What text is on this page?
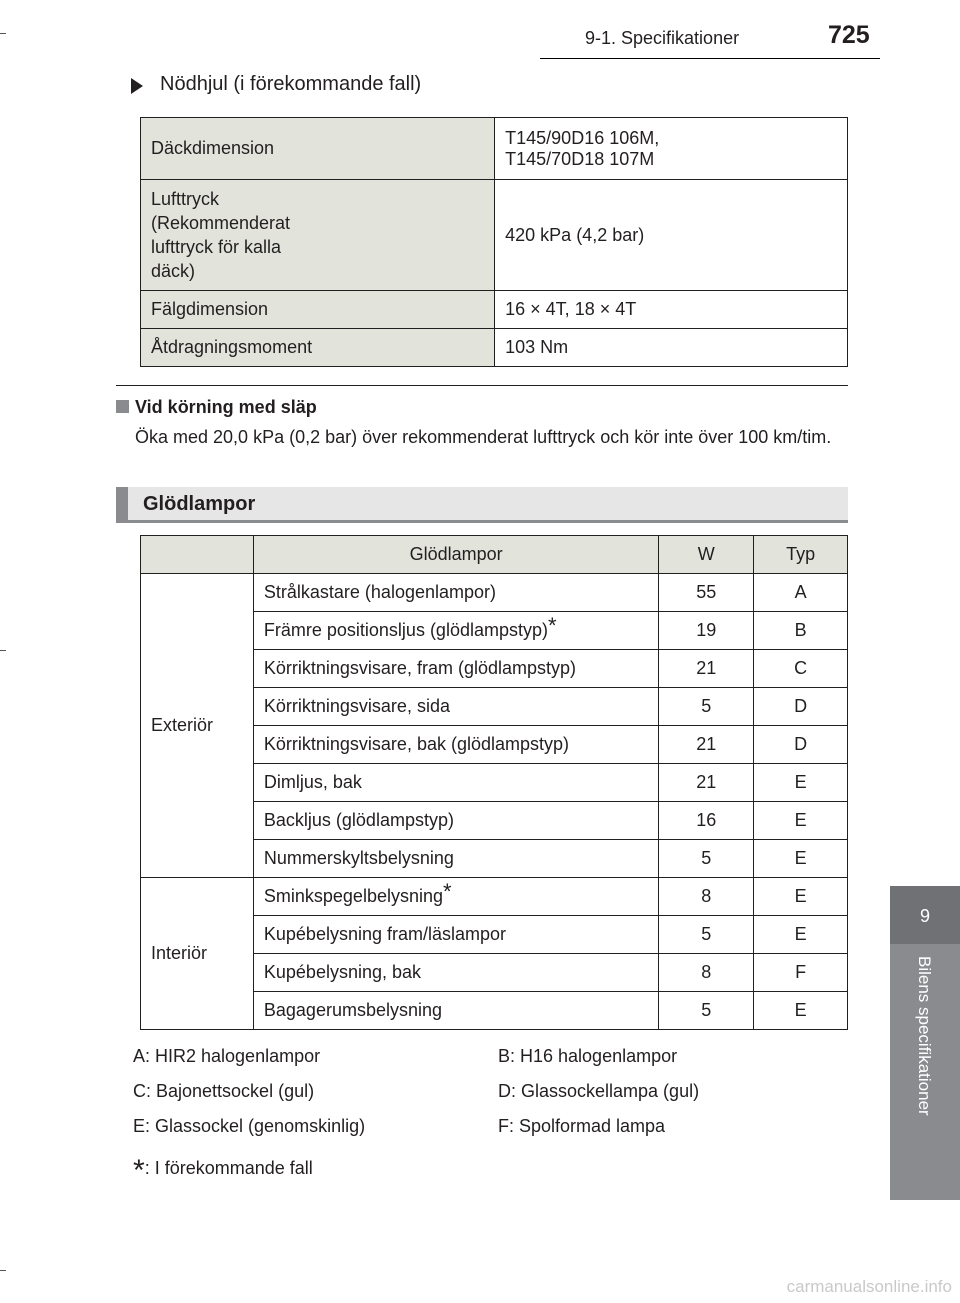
9-1. Specifikationer	725
9
Bilens specifikationer
Nödhjul (i förekommande fall)
Däckdimension	T145/90D16 106M,
T145/70D18 107M

Lufttryck
(Rekommenderat
lufttryck för kalla
däck)	420 kPa (4,2 bar)
Fälgdimension	16 × 4T, 18 × 4T
Åtdragningsmoment	103 Nm
Vid körning med släp
Öka med 20,0 kPa (0,2 bar) över rekommenderat lufttryck och kör inte över 100 km/tim.
Glödlampor
	Glödlampor	W	Typ
Exteriör	Strålkastare (halogenlampor)	55	A
	Främre positionsljus (glödlampstyp)*	19	B
	Körriktningsvisare, fram (glödlampstyp)	21	C
	Körriktningsvisare, sida	5	D
	Körriktningsvisare, bak (glödlampstyp)	21	D
	Dimljus, bak	21	E
	Backljus (glödlampstyp)	16	E
	Nummerskyltsbelysning	5	E
Interiör	Sminkspegelbelysning*	8	E
	Kupébelysning fram/läslampor	5	E
	Kupébelysning, bak	8	F
	Bagagerumsbelysning	5	E
A: HIR2 halogenlampor	B: H16 halogenlampor
C: Bajonettsockel (gul)	D: Glassockellampa (gul)
E: Glassockel (genomskinlig)	F: Spolformad lampa
*: I förekommande fall
carmanualsonline.info
